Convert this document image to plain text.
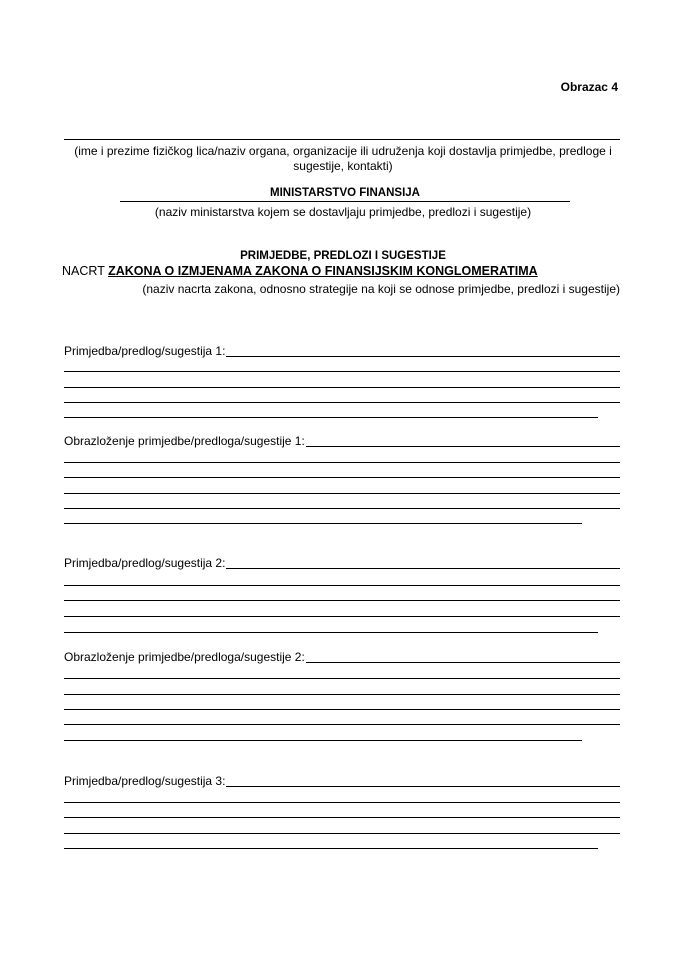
Obrazac 4
(ime i prezime fizičkog lica/naziv organa, organizacije ili udruženja koji dostavlja primjedbe, predloge i sugestije, kontakti)
MINISTARSTVO FINANSIJA
(naziv ministarstva kojem se dostavljaju primjedbe, predlozi i sugestije)
PRIMJEDBE, PREDLOZI I SUGESTIJE
NACRT ZAKONA O IZMJENAMA ZAKONA O FINANSIJSKIM KONGLOMERATIMA
(naziv nacrta zakona, odnosno strategije na koji se odnose primjedbe, predlozi i sugestije)
Primjedba/predlog/sugestija 1:
Obrazloženje primjedbe/predloga/sugestije 1:
Primjedba/predlog/sugestija 2:
Obrazloženje primjedbe/predloga/sugestije 2:
Primjedba/predlog/sugestija 3:
